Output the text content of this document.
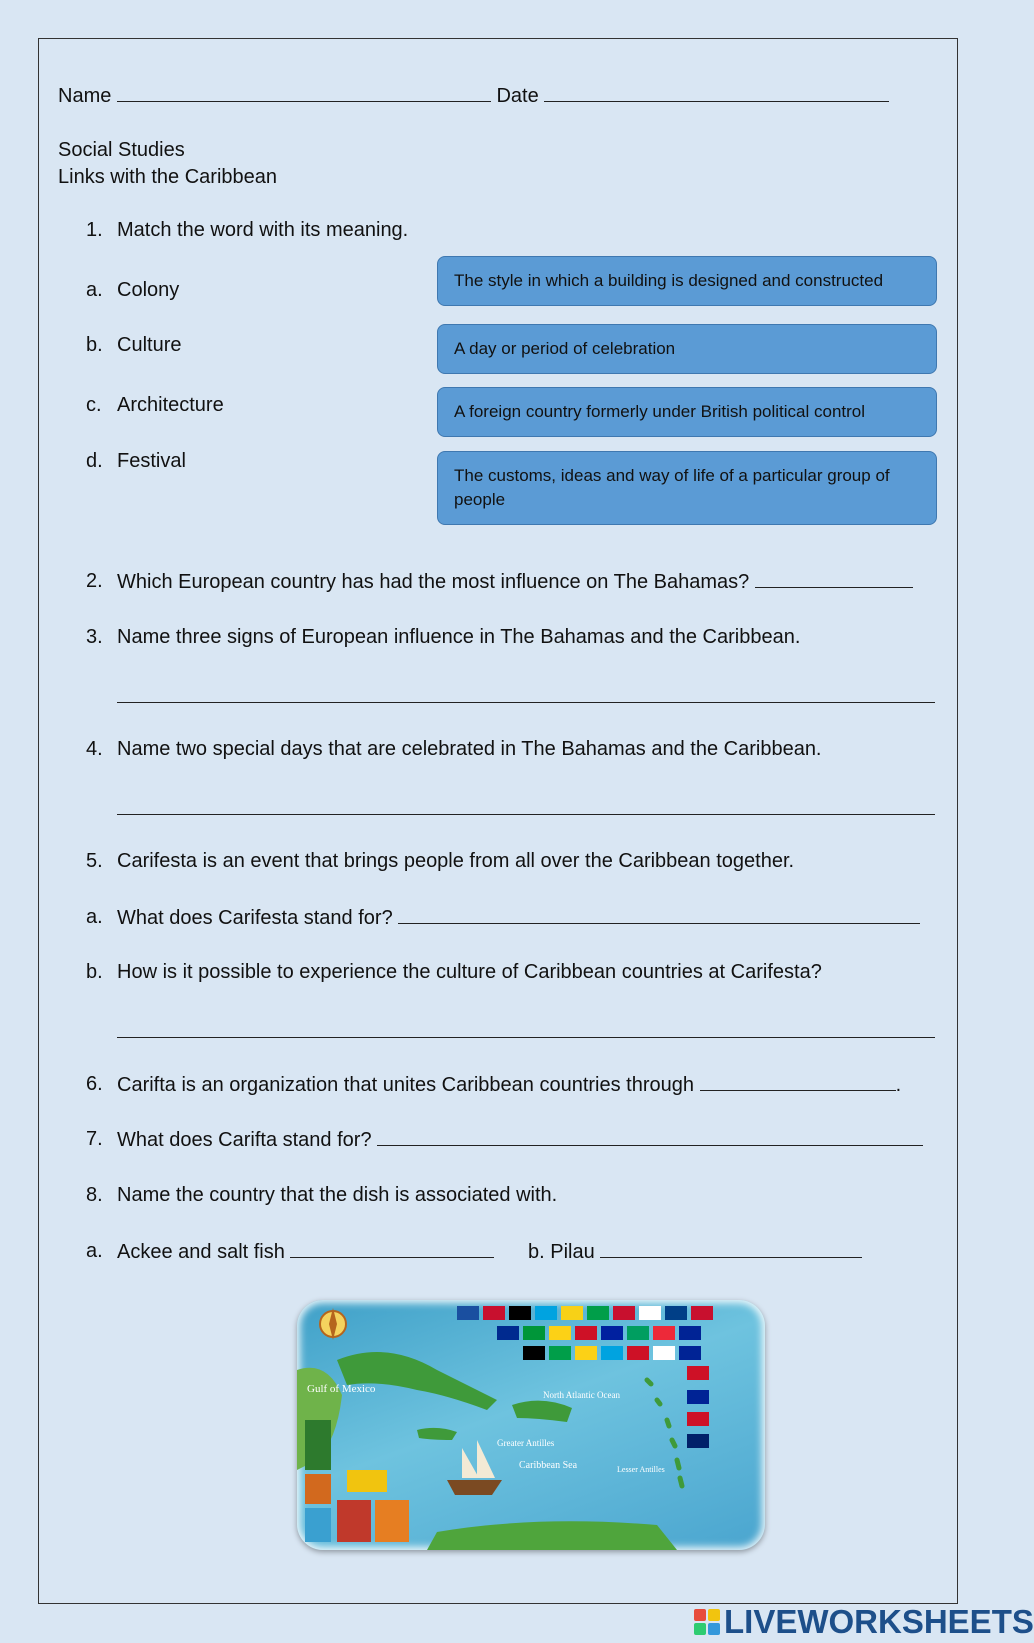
Name	Date
Social Studies
Links with the Caribbean
1. Match the word with its meaning.
a. Colony
b. Culture
c. Architecture
d. Festival
The style in which a building is designed and constructed
A day or period of celebration
A foreign country formerly under British political control
The customs, ideas and way of life of a particular group of people
2. Which European country has had the most influence on The Bahamas?
3. Name three signs of European influence in The Bahamas and the Caribbean.
4. Name two special days that are celebrated in The Bahamas and the Caribbean.
5. Carifesta is an event that brings people from all over the Caribbean together.
a. What does Carifesta stand for?
b. How is it possible to experience the culture of Caribbean countries at Carifesta?
6. Carifta is an organization that unites Caribbean countries through	.
7. What does Carifta stand for?
8. Name the country that the dish is associated with.
a. Ackee and salt fish	b. Pilau
Gulf of Mexico	North Atlantic Ocean
Greater Antilles
Caribbean Sea	Lesser Antilles
LIVEWORKSHEETS
